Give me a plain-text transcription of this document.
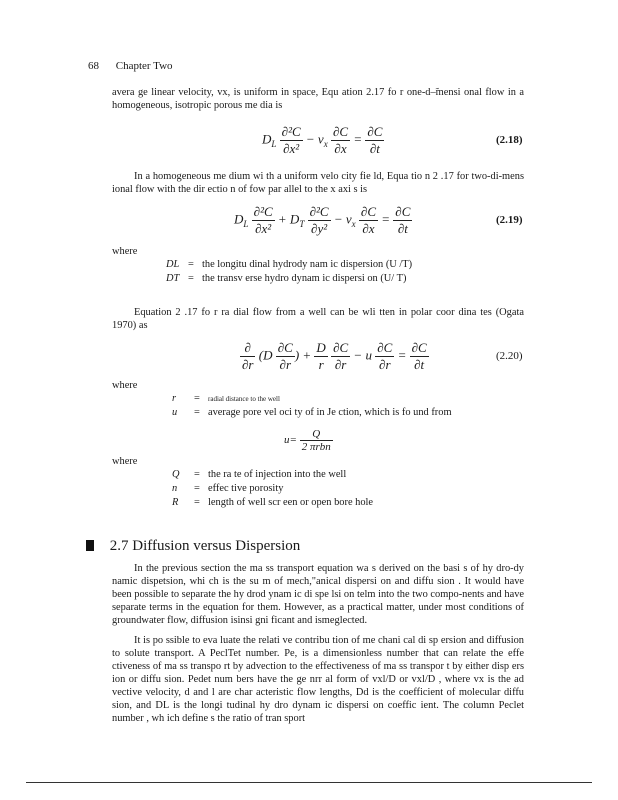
68 Chapter Two
avera ge linear velocity, vx, is uniform in space, Equ ation 2.17 fo r one-d–̃mensi onal flow in a homogeneous, isotropic porous me dia is
$D_L \frac{\text{∂²C}}{\text{∂x²}} - v_x \frac{\partial C}{\partial x} = \frac{\partial C}{\partial t}$	(2.18)
In a homogeneous me dium wi th a uniform velo city fie ld, Equa tio n 2 .17 for two-di-mens ional flow with the dir ectio n of fow par allel to the x axi s is
$D_L \frac{\text{∂²C}}{\text{∂x²}} + D_T \frac{\text{∂²C}}{\text{∂y²}} - v_x \frac{\partial C}{\partial x} = \frac{\partial C}{\partial t}$	(2.19)
where
DL = the longitu dinal hydrody nam ic dispersion (U /T)
DT = the transv erse hydro dynam ic dispersi on (U/ T)
Equation 2 .17 fo r ra dial flow from a well can be wli tten in polar coor dina tes (Ogata 1970) as
$\frac{\partial}{\partial r} (D \frac{\partial C}{\partial r}$ ) + $\frac{D}{r}$
$\frac{\partial C}{\partial r} - u \frac{\partial C}{\partial r} = \frac{\partial C}{\partial t}$	(2.20)
where
r = radial distance to the well
u = average pore vel oci ty of in Je ction, which is fo und from
$u= \frac{Q}{\text{2 πrbn}}$
where
Q = the ra te of injection into the well
n = effec tive porosity
R = length of well scr een or open bore hole
2.7 Diffusion versus Dispersion
In the previous section the ma ss transport equation wa s derived on the basi s of hy dro-dy namic dispetsion, whi ch is the su m of mech,"anical dispersi on and diffu sion . It would have been possible to separate the hy drod ynam ic di spe lsi on telm into the two compo-nents and have separate terms in the equation for them. However, as a practical matter, under most conditions of groundwater flow, diffusion isinsi gni ficant and ismeglected.
It is po ssible to eva luate the relati ve contribu tion of me chani cal di sp ersion and diffusion to solute transport. A PeclTet number. Pe, is a dimensionless number that can relate the effe ctiveness of ma ss transpo rt by advection to the effectiveness of ma ss transpor t by either disp ers ion or diffu sion. Pedet num bers have the ge nrr al form of vxl/D or vxl/D , where vx is the ad vective velocity, d and l are char acteristic flow lengths, Dd is the coefficient of molecular diffu sion, and DL is the longi tudinal hy dro dynam ic dispersi on coeffic ient. The column Peclet number , wh ich define s the ratio of tran sport
